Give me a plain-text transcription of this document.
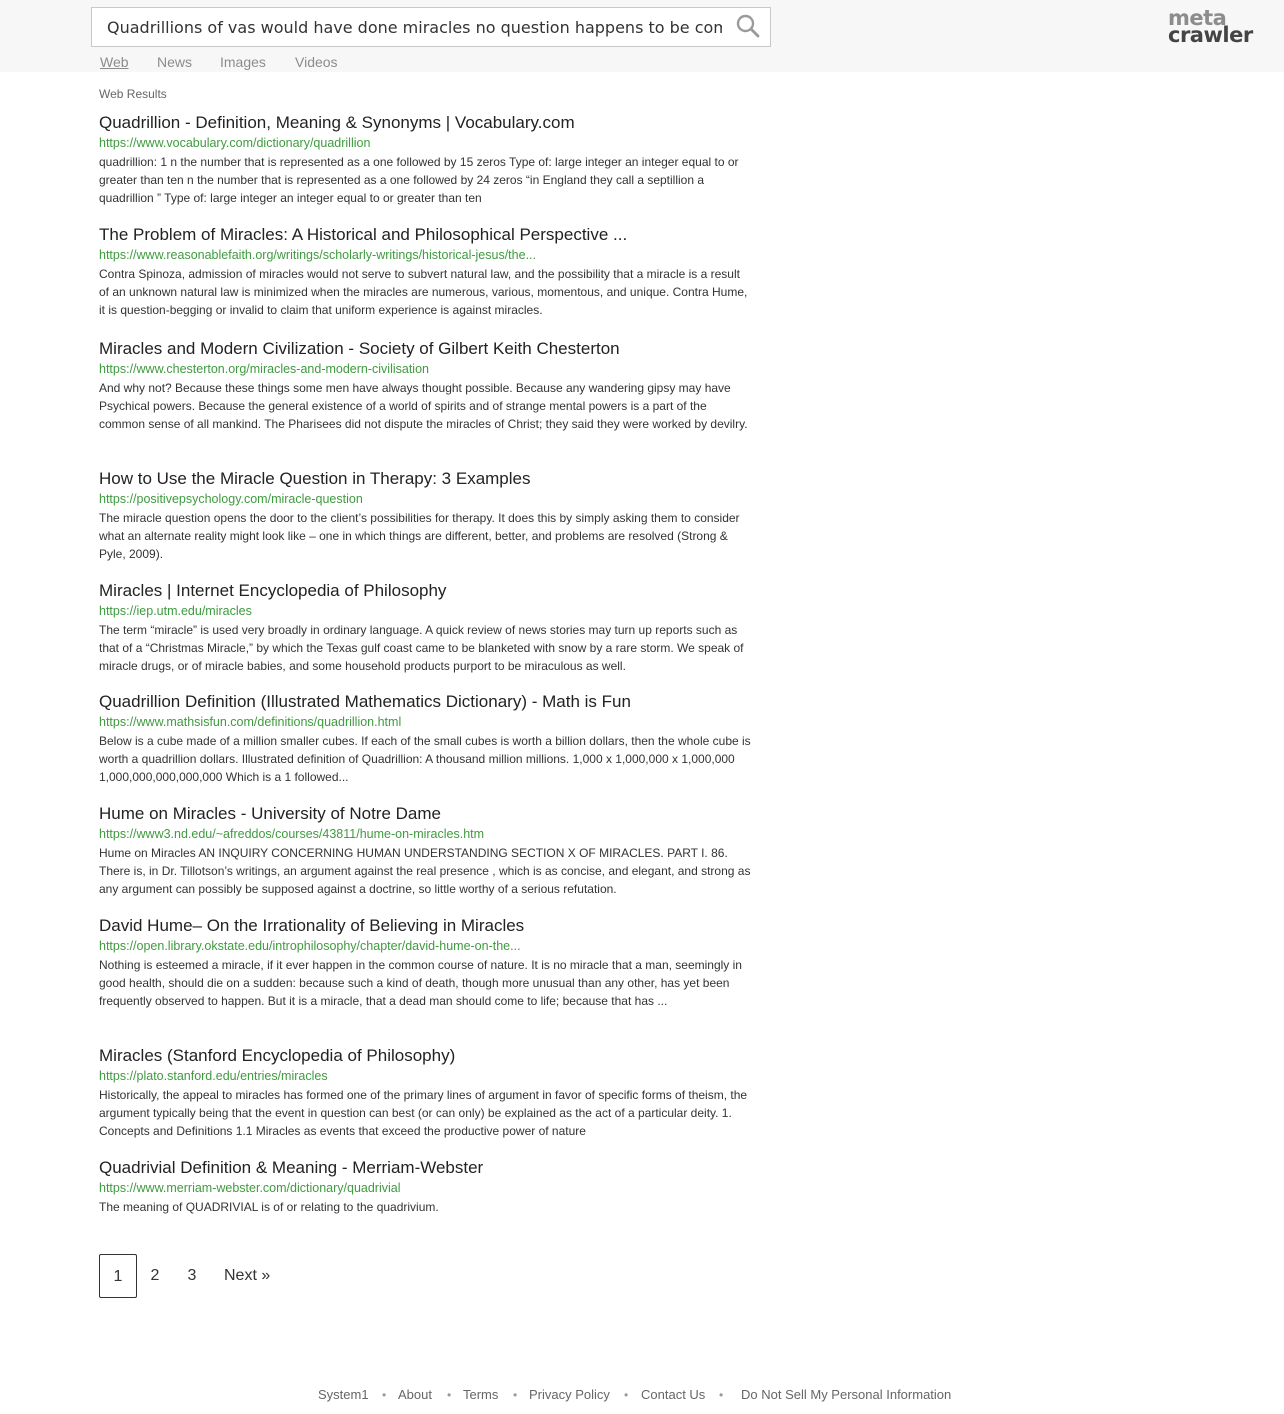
Quadrillions of vas would have done miracles no question happens to be commo
meta
crawler
Web News Images Videos
Web Results
Quadrillion - Definition, Meaning & Synonyms | Vocabulary.com
https://www.vocabulary.com/dictionary/quadrillion

quadrillion: 1 n the number that is represented as a one followed by 15 zeros Type of: large integer an integer equal to or greater than ten n the number that is represented as a one followed by 24 zeros “in England they call a septillion a quadrillion ” Type of: large integer an integer equal to or greater than ten

The Problem of Miracles: A Historical and Philosophical Perspective ...
https://www.reasonablefaith.org/writings/scholarly-writings/historical-jesus/the...

Contra Spinoza, admission of miracles would not serve to subvert natural law, and the possibility that a miracle is a result of an unknown natural law is minimized when the miracles are numerous, various, momentous, and unique. Contra Hume, it is question-begging or invalid to claim that uniform experience is against miracles.

Miracles and Modern Civilization - Society of Gilbert Keith Chesterton
https://www.chesterton.org/miracles-and-modern-civilisation

And why not? Because these things some men have always thought possible. Because any wandering gipsy may have Psychical powers. Because the general existence of a world of spirits and of strange mental powers is a part of the common sense of all mankind. The Pharisees did not dispute the miracles of Christ; they said they were worked by devilry.

How to Use the Miracle Question in Therapy: 3 Examples
https://positivepsychology.com/miracle-question

The miracle question opens the door to the client’s possibilities for therapy. It does this by simply asking them to consider what an alternate reality might look like – one in which things are different, better, and problems are resolved (Strong & Pyle, 2009).

Miracles | Internet Encyclopedia of Philosophy
https://iep.utm.edu/miracles

The term “miracle” is used very broadly in ordinary language. A quick review of news stories may turn up reports such as that of a “Christmas Miracle,” by which the Texas gulf coast came to be blanketed with snow by a rare storm. We speak of miracle drugs, or of miracle babies, and some household products purport to be miraculous as well.

Quadrillion Definition (Illustrated Mathematics Dictionary) - Math is Fun
https://www.mathsisfun.com/definitions/quadrillion.html

Below is a cube made of a million smaller cubes. If each of the small cubes is worth a billion dollars, then the whole cube is worth a quadrillion dollars. Illustrated definition of Quadrillion: A thousand million millions. 1,000 x 1,000,000 x 1,000,000 1,000,000,000,000,000 Which is a 1 followed...

Hume on Miracles - University of Notre Dame
https://www3.nd.edu/~afreddos/courses/43811/hume-on-miracles.htm

Hume on Miracles AN INQUIRY CONCERNING HUMAN UNDERSTANDING SECTION X OF MIRACLES. PART I. 86. There is, in Dr. Tillotson’s writings, an argument against the real presence , which is as concise, and elegant, and strong as any argument can possibly be supposed against a doctrine, so little worthy of a serious refutation.

David Hume– On the Irrationality of Believing in Miracles
https://open.library.okstate.edu/introphilosophy/chapter/david-hume-on-the...

Nothing is esteemed a miracle, if it ever happen in the common course of nature. It is no miracle that a man, seemingly in good health, should die on a sudden: because such a kind of death, though more unusual than any other, has yet been frequently observed to happen. But it is a miracle, that a dead man should come to life; because that has ...

Miracles (Stanford Encyclopedia of Philosophy)
https://plato.stanford.edu/entries/miracles

Historically, the appeal to miracles has formed one of the primary lines of argument in favor of specific forms of theism, the argument typically being that the event in question can best (or can only) be explained as the act of a particular deity. 1. Concepts and Definitions 1.1 Miracles as events that exceed the productive power of nature

Quadrivial Definition & Meaning - Merriam-Webster
https://www.merriam-webster.com/dictionary/quadrivial

The meaning of QUADRIVIAL is of or relating to the quadrivium.

1	2 3 Next »
System1 • About • Terms • Privacy Policy • Contact Us • Do Not Sell My Personal Information
